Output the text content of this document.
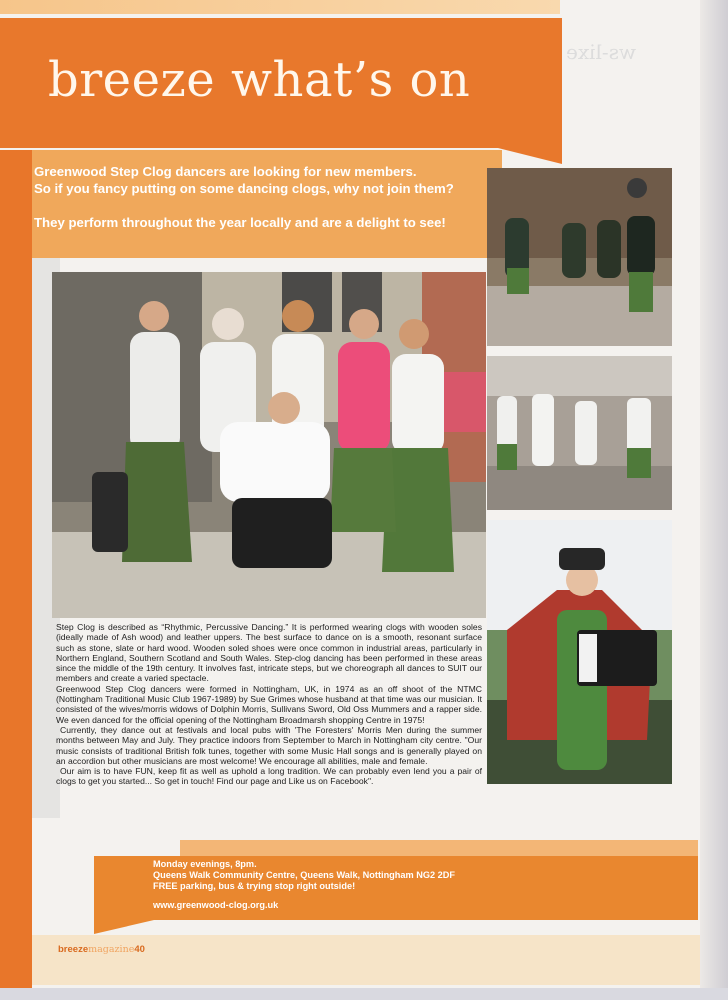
breeze what’s on	ws-lixe

Greenwood Step Clog dancers are looking for new members.

So if you fancy putting on some dancing clogs, why not join them?

They perform throughout the year locally and are a delight to see!

Step Clog is described as “Rhythmic, Percussive Dancing.” It is performed wearing clogs with wooden soles (ideally made of Ash wood) and leather uppers. The best surface to dance on is a smooth, resonant surface such as stone, slate or hard wood. Wooden soled shoes were once common in industrial areas, particularly in Northern England, Southern Scotland and South Wales. Step-clog dancing has been performed in these areas since the middle of the 19th century. It involves fast, intricate steps, but we choreograph all dances to SUIT our members and create a varied spectacle.

Greenwood Step Clog dancers were formed in Nottingham, UK, in 1974 as an off shoot of the NTMC (Nottingham Traditional Music Club 1967-1989) by Sue Grimes whose husband at that time was our musician. It consisted of the wives/morris widows of Dolphin Morris, Sullivans Sword, Old Oss Mummers and a rapper side. We even danced for the official opening of the Nottingham Broadmarsh shopping Centre in 1975!

Currently, they dance out at festivals and local pubs with 'The Foresters' Morris Men during the summer months between May and July. They practice indoors from September to March in Nottingham city centre. "Our music consists of traditional British folk tunes, together with some Music Hall songs and is generally played on an accordion but other musicians are most welcome! We encourage all abilities, male and female.

Our aim is to have FUN, keep fit as well as uphold a long tradition. We can probably even lend you a pair of clogs to get you started... So get in touch! Find our page and Like us on Facebook".

Monday evenings, 8pm.

Queens Walk Community Centre, Queens Walk, Nottingham NG2 2DF

FREE parking, bus & trying stop right outside!

www.greenwood-clog.org.uk

breezemagazine40
